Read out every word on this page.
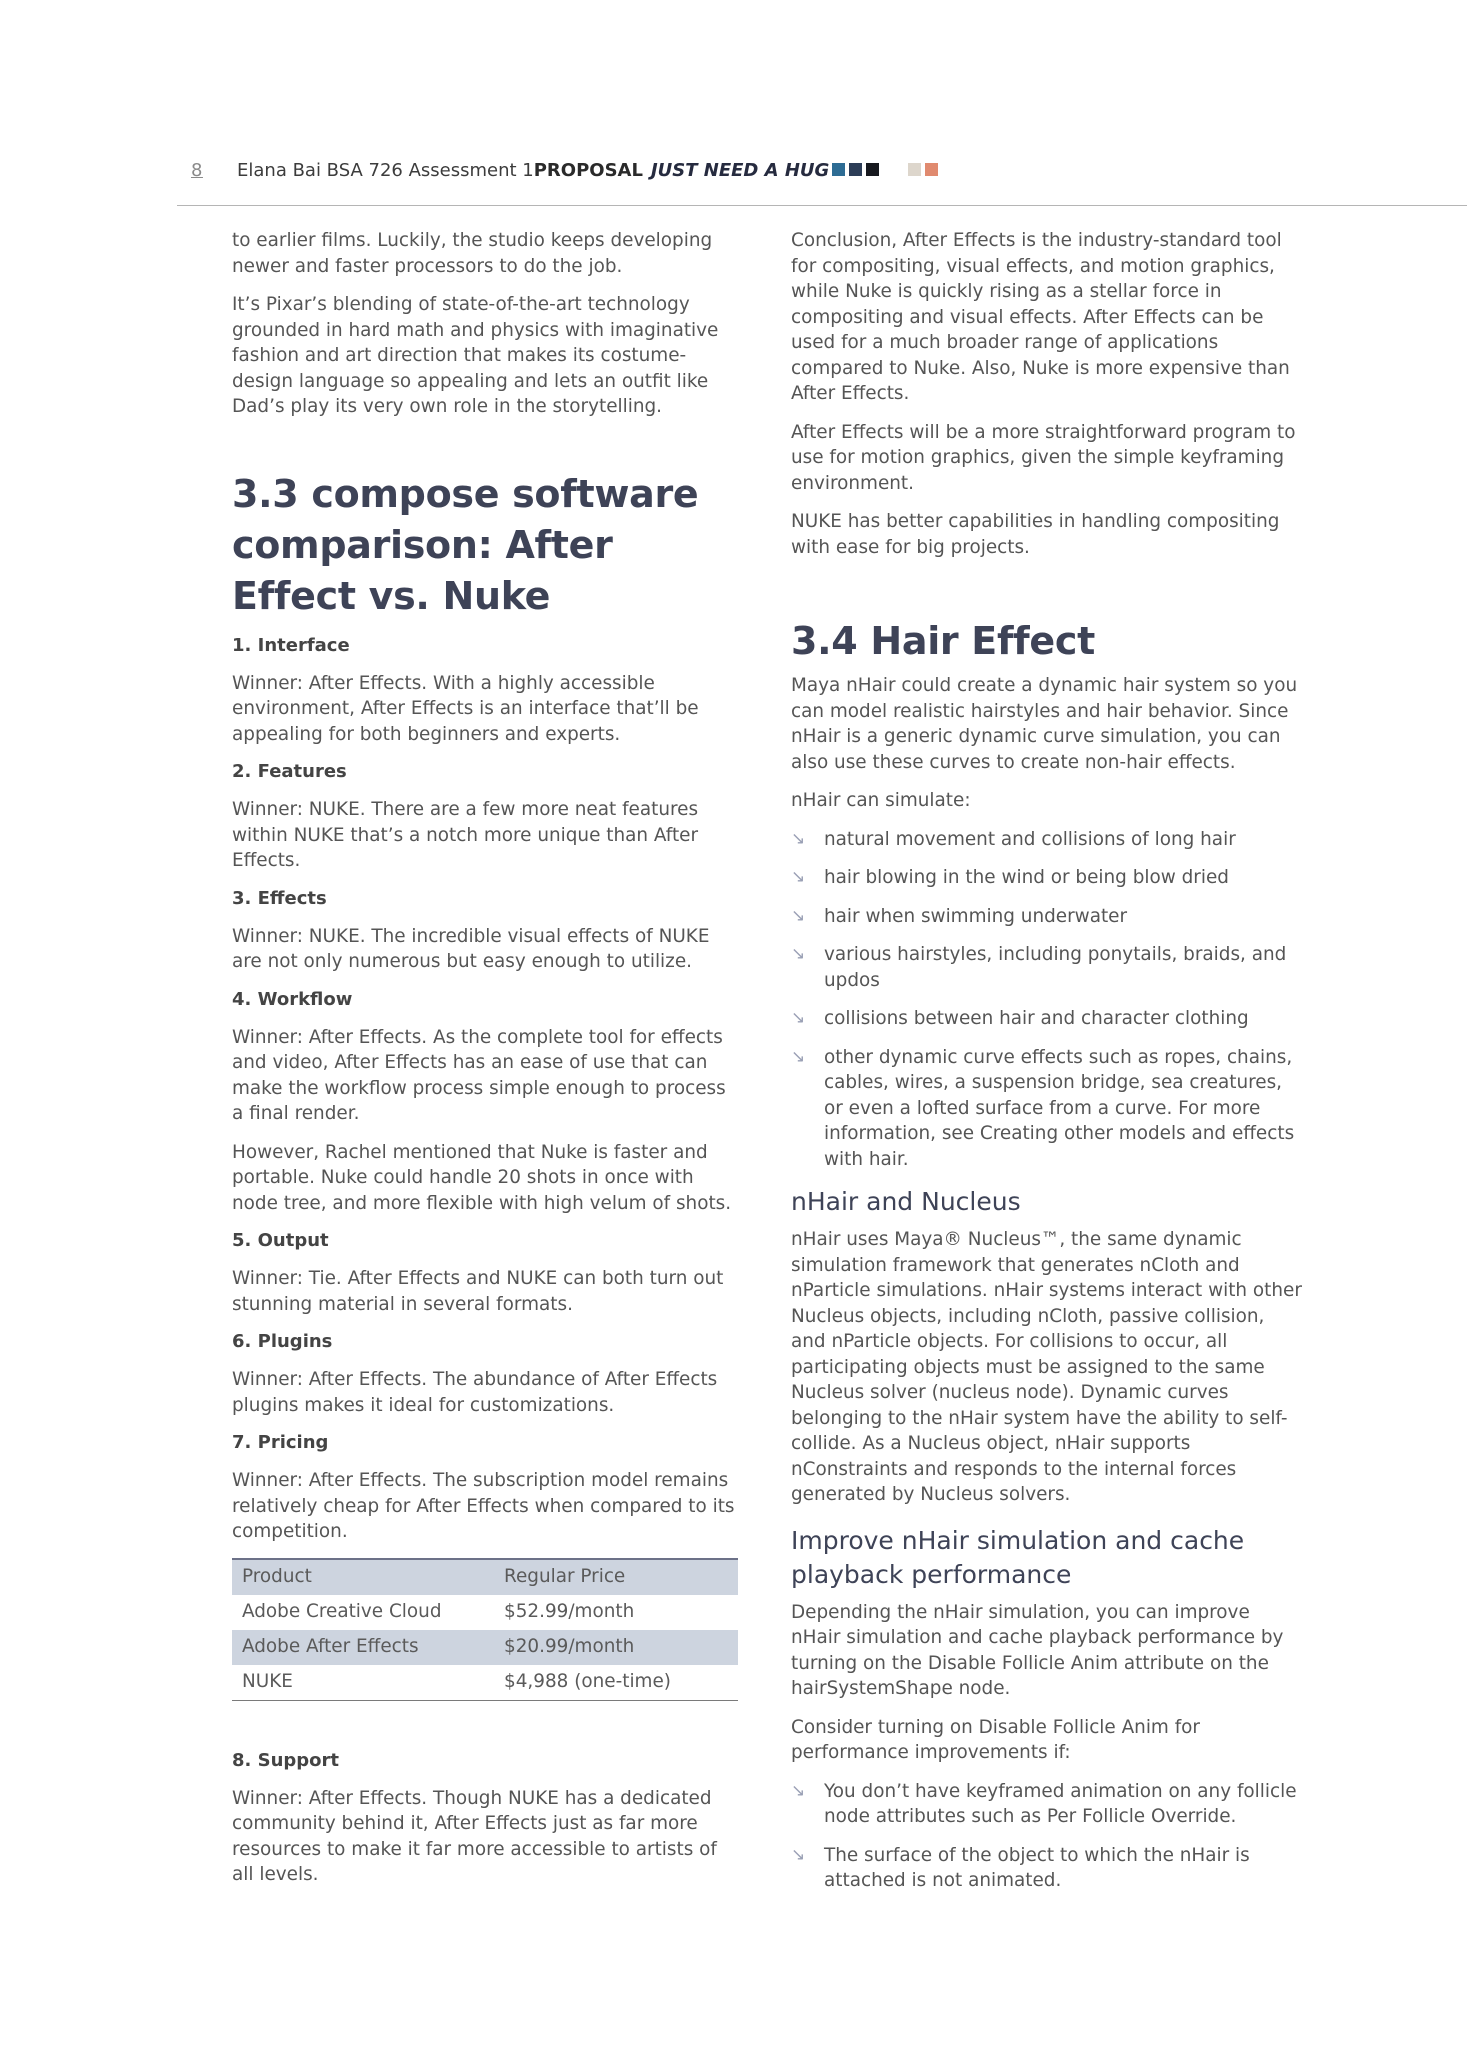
8 Elana Bai BSA 726 Assessment 1PROPOSAL JUST NEED A HUG

to earlier films. Luckily, the studio keeps developing newer and faster processors to do the job.

It’s Pixar’s blending of state-of-the-art technology grounded in hard math and physics with imaginative fashion and art direction that makes its costume-design language so appealing and lets an outfit like Dad’s play its very own role in the storytelling.

3.3 compose software comparison: After Effect vs. Nuke
1. Interface

Winner: After Effects. With a highly accessible environment, After Effects is an interface that’ll be appealing for both beginners and experts.

2. Features

Winner: NUKE. There are a few more neat features within NUKE that’s a notch more unique than After Effects.

3. Effects

Winner: NUKE. The incredible visual effects of NUKE are not only numerous but easy enough to utilize.

4. Workflow

Winner: After Effects. As the complete tool for effects and video, After Effects has an ease of use that can make the workflow process simple enough to process a final render.

However, Rachel mentioned that Nuke is faster and portable. Nuke could handle 20 shots in once with node tree, and more flexible with high velum of shots.

5. Output

Winner: Tie. After Effects and NUKE can both turn out stunning material in several formats.

6. Plugins

Winner: After Effects. The abundance of After Effects plugins makes it ideal for customizations.

7. Pricing

Winner: After Effects. The subscription model remains relatively cheap for After Effects when compared to its competition.

Product	Regular Price
Adobe Creative Cloud	$52.99/month
Adobe After Effects	$20.99/month
NUKE	$4,988 (one-time)
8. Support

Winner: After Effects. Though NUKE has a dedicated community behind it, After Effects just as far more resources to make it far more accessible to artists of all levels.

Conclusion, After Effects is the industry-standard tool for compositing, visual effects, and motion graphics, while Nuke is quickly rising as a stellar force in compositing and visual effects. After Effects can be used for a much broader range of applications compared to Nuke. Also, Nuke is more expensive than After Effects.

After Effects will be a more straightforward program to use for motion graphics, given the simple keyframing environment.

NUKE has better capabilities in handling compositing with ease for big projects.

3.4 Hair Effect

Maya nHair could create a dynamic hair system so you can model realistic hairstyles and hair behavior. Since nHair is a generic dynamic curve simulation, you can also use these curves to create non-hair effects.

nHair can simulate:

↘ natural movement and collisions of long hair
↘ hair blowing in the wind or being blow dried
↘ hair when swimming underwater
↘ various hairstyles, including ponytails, braids, and updos
↘ collisions between hair and character clothing
↘ other dynamic curve effects such as ropes, chains, cables, wires, a suspension bridge, sea creatures, or even a lofted surface from a curve. For more information, see Creating other models and effects with hair.
nHair and Nucleus

nHair uses Maya® Nucleus™, the same dynamic simulation framework that generates nCloth and nParticle simulations. nHair systems interact with other Nucleus objects, including nCloth, passive collision, and nParticle objects. For collisions to occur, all participating objects must be assigned to the same Nucleus solver (nucleus node). Dynamic curves belonging to the nHair system have the ability to self-collide. As a Nucleus object, nHair supports nConstraints and responds to the internal forces generated by Nucleus solvers.

Improve nHair simulation and cache playback performance

Depending the nHair simulation, you can improve nHair simulation and cache playback performance by turning on the Disable Follicle Anim attribute on the hairSystemShape node.

Consider turning on Disable Follicle Anim for performance improvements if:

↘ You don’t have keyframed animation on any follicle node attributes such as Per Follicle Override.
↘ The surface of the object to which the nHair is attached is not animated.
